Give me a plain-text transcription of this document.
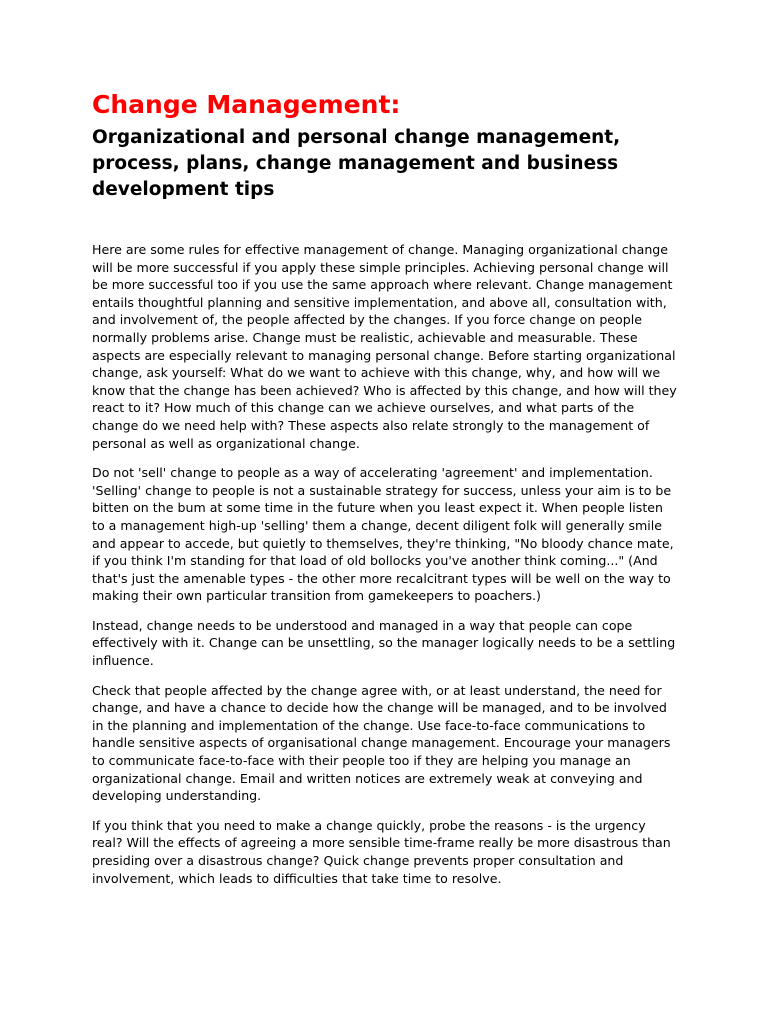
Change Management:
Organizational and personal change management, process, plans, change management and business development tips

Here are some rules for effective management of change. Managing organizational change will be more successful if you apply these simple principles. Achieving personal change will be more successful too if you use the same approach where relevant. Change management entails thoughtful planning and sensitive implementation, and above all, consultation with, and involvement of, the people affected by the changes. If you force change on people normally problems arise. Change must be realistic, achievable and measurable. These aspects are especially relevant to managing personal change. Before starting organizational change, ask yourself: What do we want to achieve with this change, why, and how will we know that the change has been achieved? Who is affected by this change, and how will they react to it? How much of this change can we achieve ourselves, and what parts of the change do we need help with? These aspects also relate strongly to the management of personal as well as organizational change.

Do not 'sell' change to people as a way of accelerating 'agreement' and implementation. 'Selling' change to people is not a sustainable strategy for success, unless your aim is to be bitten on the bum at some time in the future when you least expect it. When people listen to a management high-up 'selling' them a change, decent diligent folk will generally smile and appear to accede, but quietly to themselves, they're thinking, "No bloody chance mate, if you think I'm standing for that load of old bollocks you've another think coming..." (And that's just the amenable types - the other more recalcitrant types will be well on the way to making their own particular transition from gamekeepers to poachers.)

Instead, change needs to be understood and managed in a way that people can cope effectively with it. Change can be unsettling, so the manager logically needs to be a settling influence.

Check that people affected by the change agree with, or at least understand, the need for change, and have a chance to decide how the change will be managed, and to be involved in the planning and implementation of the change. Use face-to-face communications to handle sensitive aspects of organisational change management. Encourage your managers to communicate face-to-face with their people too if they are helping you manage an organizational change. Email and written notices are extremely weak at conveying and developing understanding.

If you think that you need to make a change quickly, probe the reasons - is the urgency real? Will the effects of agreeing a more sensible time-frame really be more disastrous than presiding over a disastrous change? Quick change prevents proper consultation and involvement, which leads to difficulties that take time to resolve.
